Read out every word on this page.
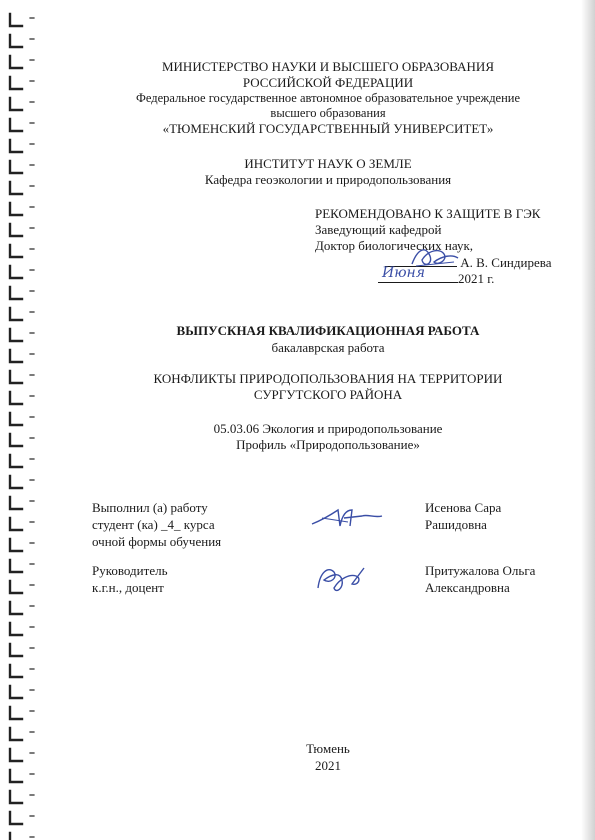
МИНИСТЕРСТВО НАУКИ И ВЫСШЕГО ОБРАЗОВАНИЯ
РОССИЙСКОЙ ФЕДЕРАЦИИ
Федеральное государственное автономное образовательное учреждение
высшего образования
«ТЮМЕНСКИЙ ГОСУДАРСТВЕННЫЙ УНИВЕРСИТЕТ»
ИНСТИТУТ НАУК О ЗЕМЛЕ
Кафедра геоэкологии и природопользования
РЕКОМЕНДОВАНО К ЗАЩИТЕ В ГЭК
Заведующий кафедрой
Доктор биологических наук,
А. В. Синдирева
2021 г.
Июня
ВЫПУСКНАЯ КВАЛИФИКАЦИОННАЯ РАБОТА
бакалаврская работа
КОНФЛИКТЫ ПРИРОДОПОЛЬЗОВАНИЯ НА ТЕРРИТОРИИ
СУРГУТСКОГО РАЙОНА
05.03.06 Экология и природопользование
Профиль «Природопользование»
Выполнил (а) работу
студент (ка) _4_ курса
очной формы обучения
Исенова Сара
Рашидовна
Руководитель
к.г.н., доцент
Притужалова Ольга
Александровна
Тюмень
2021
